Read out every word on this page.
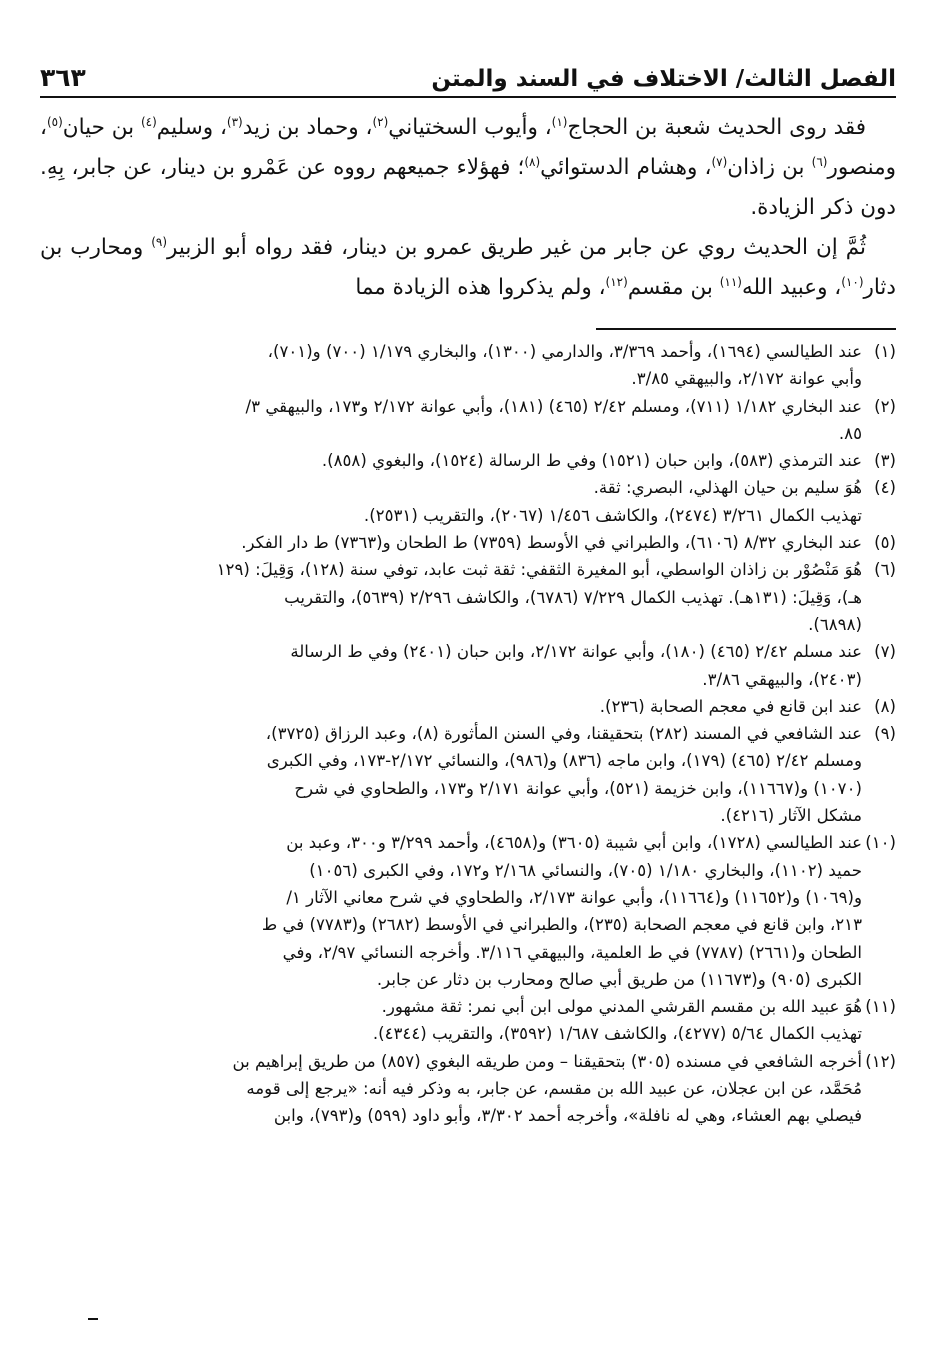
الفصل الثالث/ الاختلاف في السند والمتن
٣٦٣

فقد روى الحديث شعبة بن الحجاج$^{(١)}$، وأيوب السختياني$^{(٢)}$، وحماد بن زيد$^{(٣)}$، وسليم$^{(٤)}$ بن حيان$^{(٥)}$، ومنصور$^{(٦)}$ بن زاذان$^{(٧)}$، وهشام الدستوائي$^{(٨)}$؛ فهؤلاء جميعهم رووه عن عَمْرو بن دينار، عن جابر، بِهِ. دون ذكر الزيادة.

ثُمَّ إن الحديث روي عن جابر من غير طريق عمرو بن دينار، فقد رواه أبو الزبير$^{(٩)}$ ومحارب بن دثار$^{(١٠)}$، وعبيد الله$^{(١١)}$ بن مقسم$^{(١٢)}$، ولم يذكروا هذه الزيادة مما

(١)
عند الطيالسي (١٦٩٤)، وأحمد ٣/٣٦٩، والدارمي (١٣٠٠)، والبخاري ١/١٧٩ (٧٠٠) و(٧٠١)،
وأبي عوانة ٢/١٧٢، والبيهقي ٣/٨٥.
(٢)
عند البخاري ١/١٨٢ (٧١١)، ومسلم ٢/٤٢ (٤٦٥) (١٨١)، وأبي عوانة ٢/١٧٢ و١٧٣، والبيهقي ٣/
٨٥.
(٣)
عند الترمذي (٥٨٣)، وابن حبان (١٥٢١) وفي ط الرسالة (١٥٢٤)، والبغوي (٨٥٨).
(٤)
هُوَ سليم بن حيان الهذلي، البصري: ثقة.
تهذيب الكمال ٣/٢٦١ (٢٤٧٤)، والكاشف ١/٤٥٦ (٢٠٦٧)، والتقريب (٢٥٣١).
(٥)
عند البخاري ٨/٣٢ (٦١٠٦)، والطبراني في الأوسط (٧٣٥٩) ط الطحان و(٧٣٦٣) ط دار الفكر.
(٦)
هُوَ مَنْصُوْر بن زاذان الواسطي، أبو المغيرة الثقفي: ثقة ثبت عابد، توفي سنة (١٢٨)، وَقِيلَ: (١٢٩
هـ)، وَقِيلَ: (١٣١هـ). تهذيب الكمال ٧/٢٢٩ (٦٧٨٦)، والكاشف ٢/٢٩٦ (٥٦٣٩)، والتقريب
(٦٨٩٨).
(٧)
عند مسلم ٢/٤٢ (٤٦٥) (١٨٠)، وأبي عوانة ٢/١٧٢، وابن حبان (٢٤٠١) وفي ط الرسالة
(٢٤٠٣)، والبيهقي ٣/٨٦.
(٨)
عند ابن قانع في معجم الصحابة (٢٣٦).
(٩)
عند الشافعي في المسند (٢٨٢) بتحقيقنا، وفي السنن المأثورة (٨)، وعبد الرزاق (٣٧٢٥)،
ومسلم ٢/٤٢ (٤٦٥) (١٧٩)، وابن ماجه (٨٣٦) و(٩٨٦)، والنسائي ٢/١٧٢-١٧٣، وفي الكبرى
(١٠٧٠) و(١١٦٦٧)، وابن خزيمة (٥٢١)، وأبي عوانة ٢/١٧١ و١٧٣، والطحاوي في شرح
مشكل الآثار (٤٢١٦).
(١٠)
عند الطيالسي (١٧٢٨)، وابن أبي شيبة (٣٦٠٥) و(٤٦٥٨)، وأحمد ٣/٢٩٩ و٣٠٠، وعبد بن
حميد (١١٠٢)، والبخاري ١/١٨٠ (٧٠٥)، والنسائي ٢/١٦٨ و١٧٢، وفي الكبرى (١٠٥٦)
و(١٠٦٩) و(١١٦٥٢) و(١١٦٦٤)، وأبي عوانة ٢/١٧٣، والطحاوي في شرح معاني الآثار ١/
٢١٣، وابن قانع في معجم الصحابة (٢٣٥)، والطبراني في الأوسط (٢٦٨٢) و(٧٧٨٣) في ط
الطحان و(٢٦٦١) (٧٧٨٧) في ط العلمية، والبيهقي ٣/١١٦. وأخرجه النسائي ٢/٩٧، وفي
الكبرى (٩٠٥) و(١١٦٧٣) من طريق أبي صالح ومحارب بن دثار عن جابر.
(١١)
هُوَ عبيد الله بن مقسم القرشي المدني مولى ابن أبي نمر: ثقة مشهور.
تهذيب الكمال ٥/٦٤ (٤٢٧٧)، والكاشف ١/٦٨٧ (٣٥٩٢)، والتقريب (٤٣٤٤).
(١٢)
أخرجه الشافعي في مسنده (٣٠٥) بتحقيقنا – ومن طريقه البغوي (٨٥٧) من طريق إبراهيم بن
مُحَمَّد، عن ابن عجلان، عن عبيد الله بن مقسم، عن جابر، به وذكر فيه أنه: «يرجع إلى قومه
فيصلي بهم العشاء، وهي له نافلة»، وأخرجه أحمد ٣/٣٠٢، وأبو داود (٥٩٩) و(٧٩٣)، وابن
